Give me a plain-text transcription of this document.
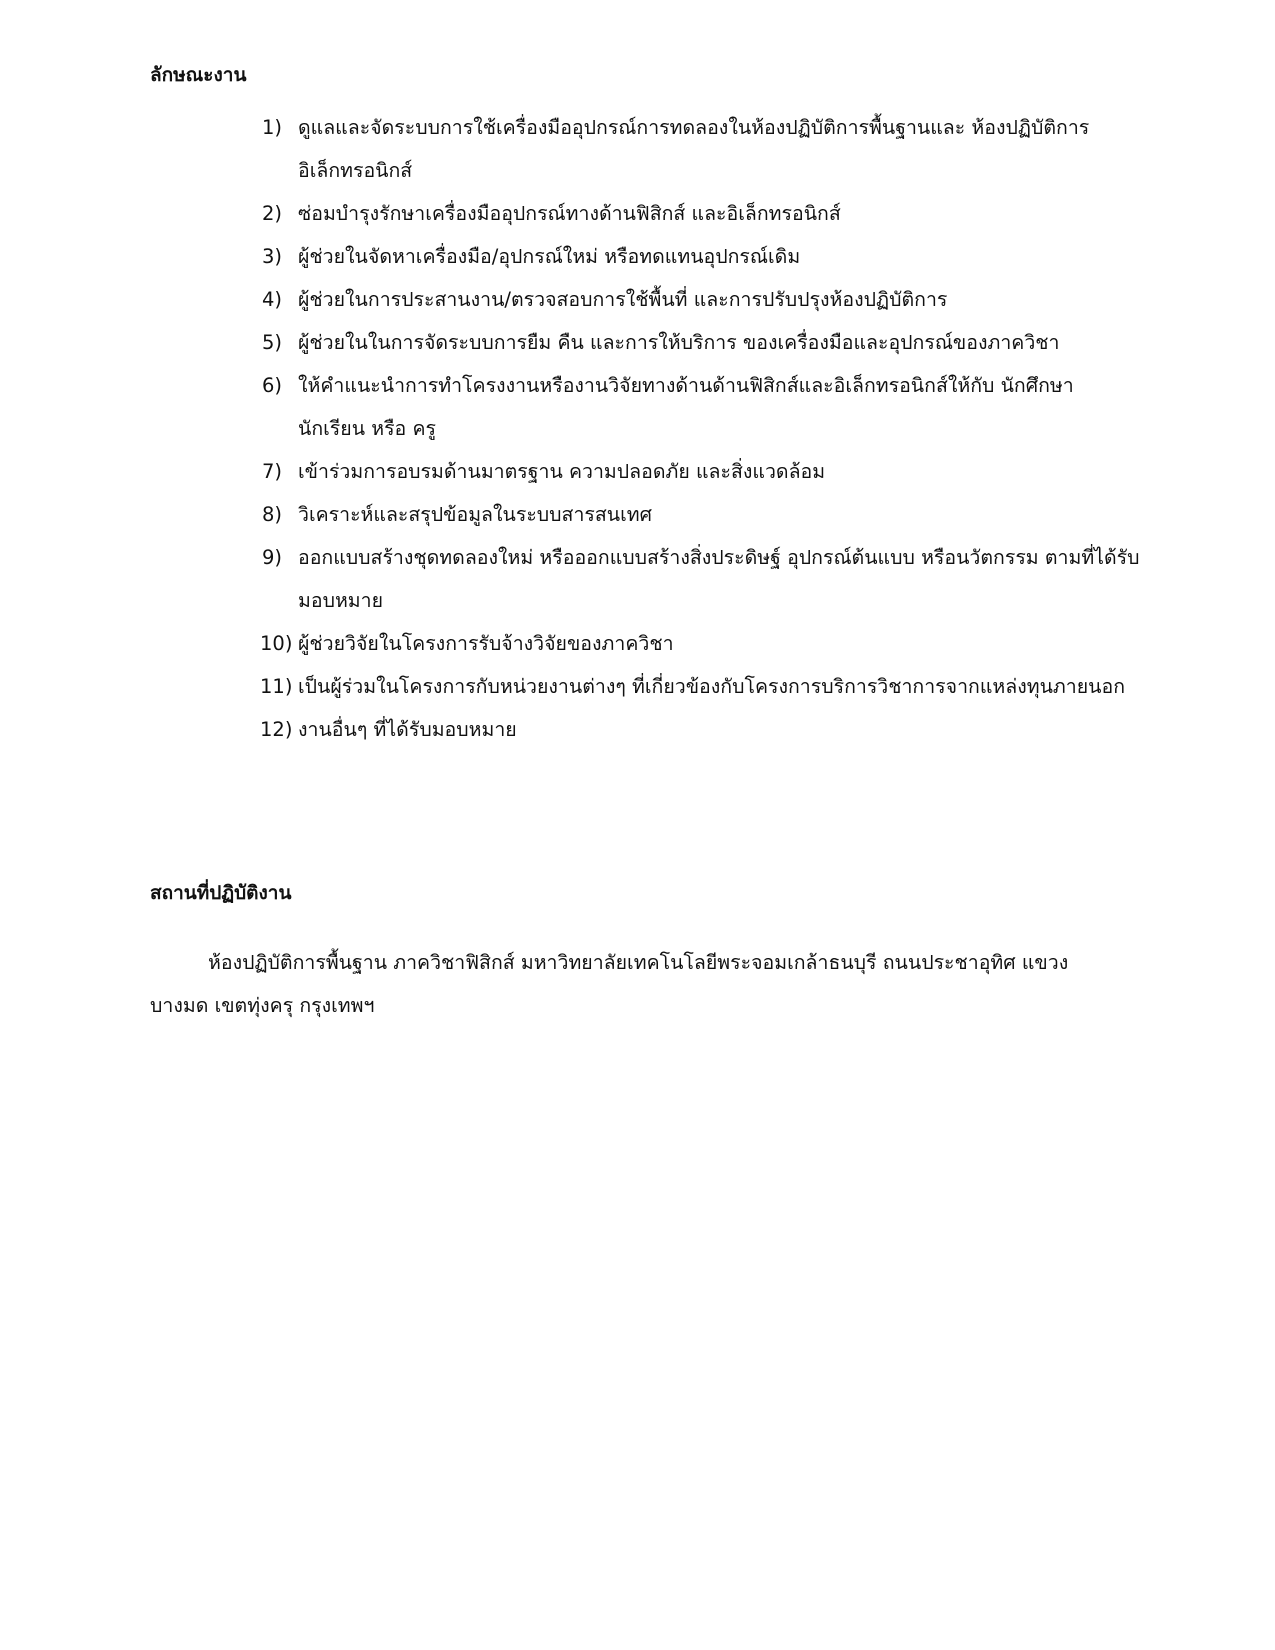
ลักษณะงาน
1) ดูแลและจัดระบบการใช้เครื่องมืออุปกรณ์การทดลองในห้องปฏิบัติการพื้นฐานและ ห้องปฏิบัติการอิเล็กทรอนิกส์
2) ซ่อมบำรุงรักษาเครื่องมืออุปกรณ์ทางด้านฟิสิกส์ และอิเล็กทรอนิกส์
3) ผู้ช่วยในจัดหาเครื่องมือ/อุปกรณ์ใหม่ หรือทดแทนอุปกรณ์เดิม
4) ผู้ช่วยในการประสานงาน/ตรวจสอบการใช้พื้นที่ และการปรับปรุงห้องปฏิบัติการ
5) ผู้ช่วยในในการจัดระบบการยืม คืน และการให้บริการ ของเครื่องมือและอุปกรณ์ของภาควิชา
6) ให้คำแนะนำการทำโครงงานหรืองานวิจัยทางด้านด้านฟิสิกส์และอิเล็กทรอนิกส์ให้กับ นักศึกษา นักเรียน หรือ ครู
7) เข้าร่วมการอบรมด้านมาตรฐาน ความปลอดภัย และสิ่งแวดล้อม
8) วิเคราะห์และสรุปข้อมูลในระบบสารสนเทศ
9) ออกแบบสร้างชุดทดลองใหม่ หรือออกแบบสร้างสิ่งประดิษฐ์ อุปกรณ์ต้นแบบ หรือนวัตกรรม ตามที่ได้รับมอบหมาย
10) ผู้ช่วยวิจัยในโครงการรับจ้างวิจัยของภาควิชา
11) เป็นผู้ร่วมในโครงการกับหน่วยงานต่างๆ ที่เกี่ยวข้องกับโครงการบริการวิชาการจากแหล่งทุนภายนอก
12) งานอื่นๆ ที่ได้รับมอบหมาย
สถานที่ปฏิบัติงาน

ห้องปฏิบัติการพื้นฐาน ภาควิชาฟิสิกส์ มหาวิทยาลัยเทคโนโลยีพระจอมเกล้าธนบุรี ถนนประชาอุทิศ แขวง บางมด เขตทุ่งครุ กรุงเทพฯ
